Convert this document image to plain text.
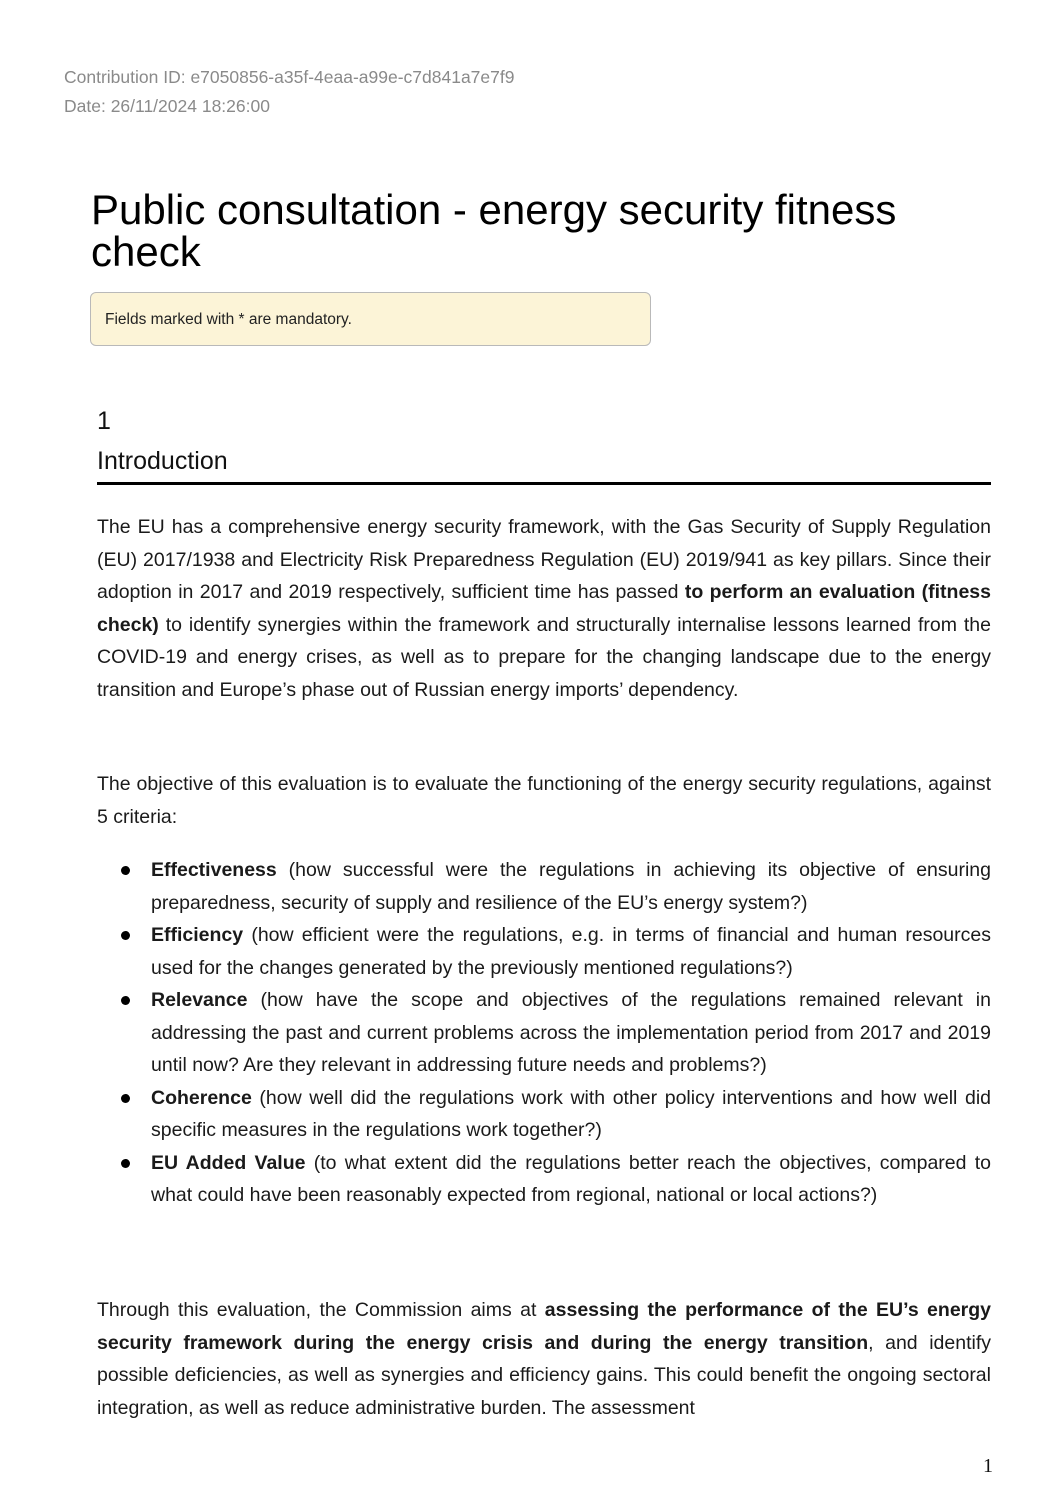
Contribution ID: e7050856-a35f-4eaa-a99e-c7d841a7e7f9
Date: 26/11/2024 18:26:00
Public consultation - energy security fitness check
Fields marked with * are mandatory.
1
Introduction

The EU has a comprehensive energy security framework, with the Gas Security of Supply Regulation (EU) 2017/1938 and Electricity Risk Preparedness Regulation (EU) 2019/941 as key pillars. Since their adoption in 2017 and 2019 respectively, sufficient time has passed to perform an evaluation (fitness check) to identify synergies within the framework and structurally internalise lessons learned from the COVID-19 and energy crises, as well as to prepare for the changing landscape due to the energy transition and Europe’s phase out of Russian energy imports’ dependency.

The objective of this evaluation is to evaluate the functioning of the energy security regulations, against 5 criteria:

Effectiveness (how successful were the regulations in achieving its objective of ensuring preparedness, security of supply and resilience of the EU’s energy system?)
Efficiency (how efficient were the regulations, e.g. in terms of financial and human resources used for the changes generated by the previously mentioned regulations?)
Relevance (how have the scope and objectives of the regulations remained relevant in addressing the past and current problems across the implementation period from 2017 and 2019 until now? Are they relevant in addressing future needs and problems?)
Coherence (how well did the regulations work with other policy interventions and how well did specific measures in the regulations work together?)
EU Added Value (to what extent did the regulations better reach the objectives, compared to what could have been reasonably expected from regional, national or local actions?)

Through this evaluation, the Commission aims at assessing the performance of the EU’s energy security framework during the energy crisis and during the energy transition, and identify possible deficiencies, as well as synergies and efficiency gains. This could benefit the ongoing sectoral integration, as well as reduce administrative burden. The assessment

1
